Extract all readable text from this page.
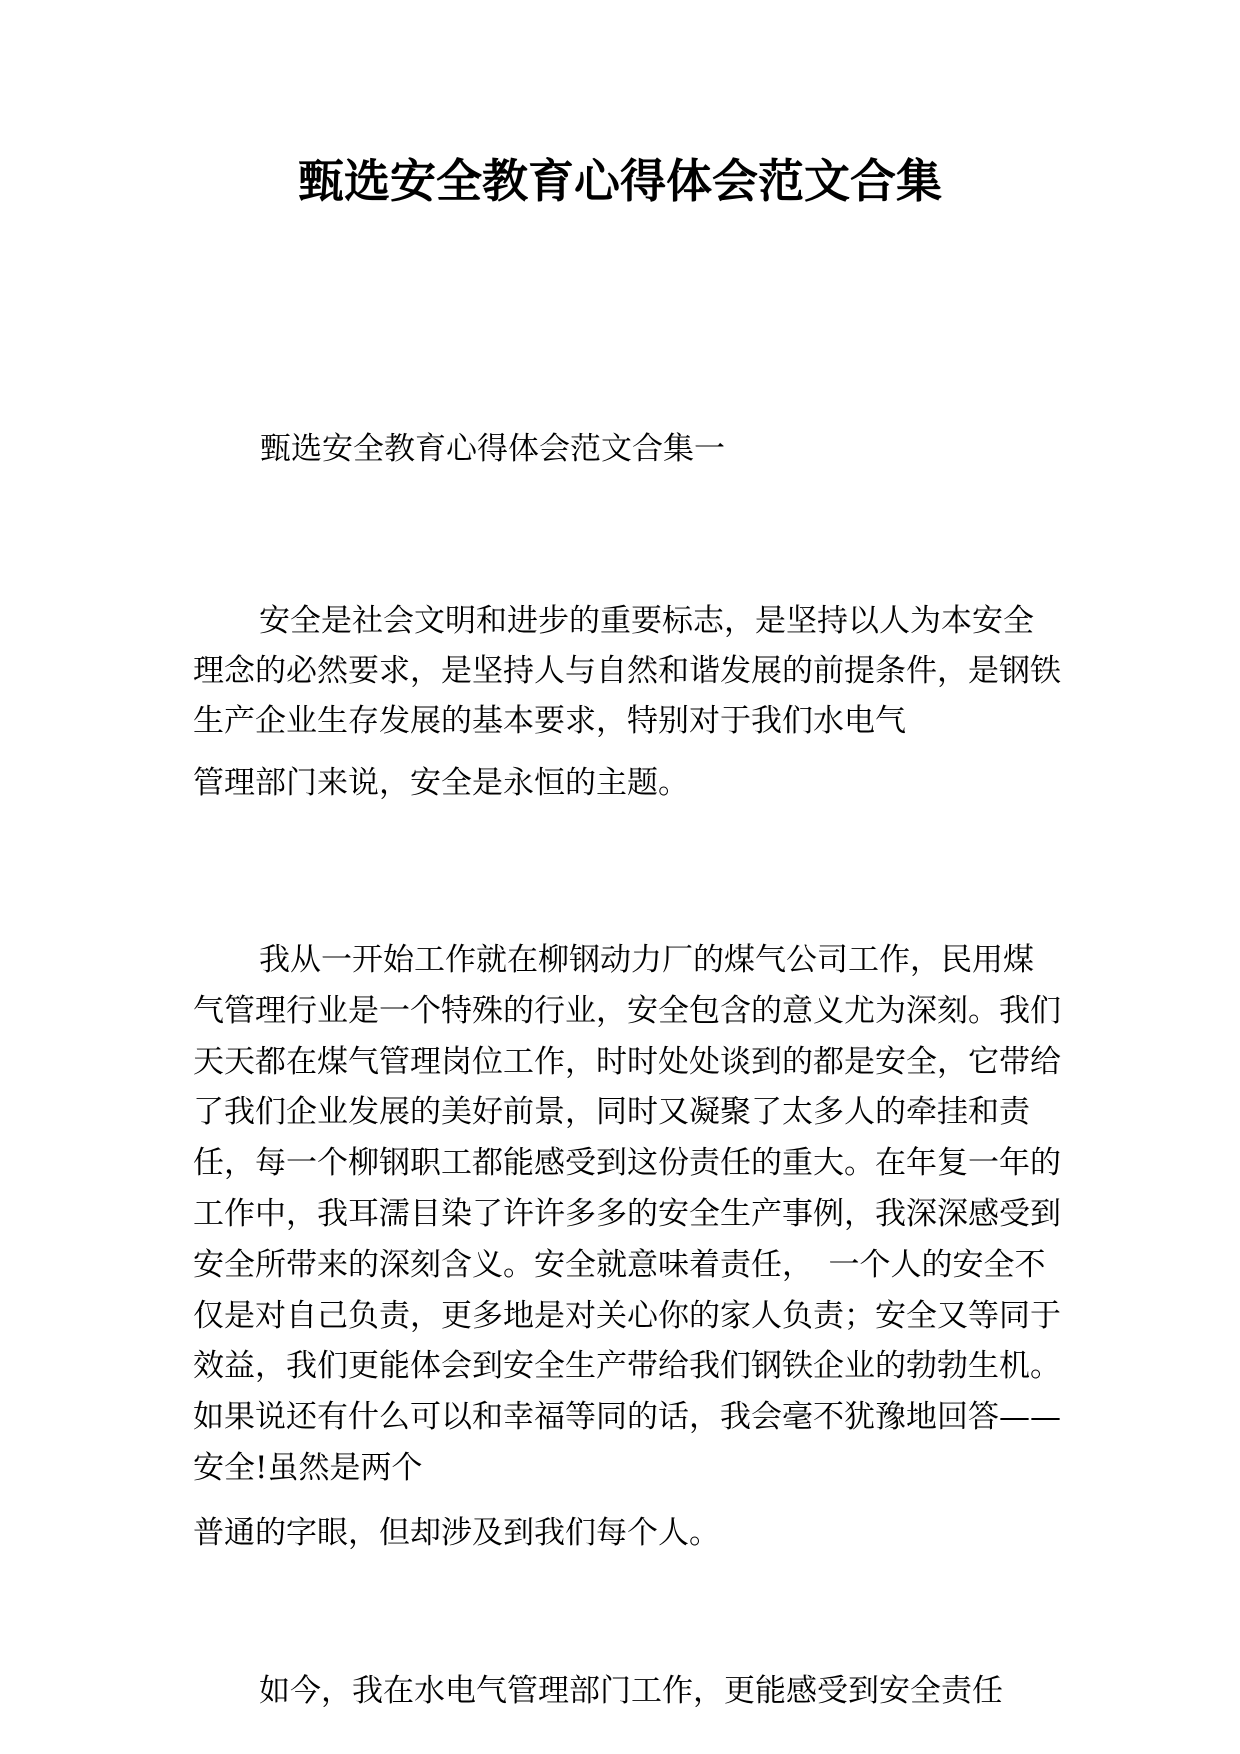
甄选安全教育心得体会范文合集

甄选安全教育心得体会范文合集一

安全是社会文明和进步的重要标志，是坚持以人为本安全理念的必然要求，是坚持人与自然和谐发展的前提条件，是钢铁生产企业生存发展的基本要求，特别对于我们水电气
管理部门来说，安全是永恒的主题。

我从一开始工作就在柳钢动力厂的煤气公司工作，民用煤气管理行业是一个特殊的行业，安全包含的意义尤为深刻。我们天天都在煤气管理岗位工作，时时处处谈到的都是安全，它带给了我们企业发展的美好前景，同时又凝聚了太多人的牵挂和责任，每一个柳钢职工都能感受到这份责任的重大。在年复一年的工作中，我耳濡目染了许许多多的安全生产事例，我深深感受到安全所带来的深刻含义。安全就意味着责任，　一个人的安全不仅是对自己负责，更多地是对关心你的家人负责；安全又等同于效益，我们更能体会到安全生产带给我们钢铁企业的勃勃生机。如果说还有什么可以和幸福等同的话，我会毫不犹豫地回答——安全!虽然是两个
普通的字眼，但却涉及到我们每个人。

如今，我在水电气管理部门工作，更能感受到安全责任
